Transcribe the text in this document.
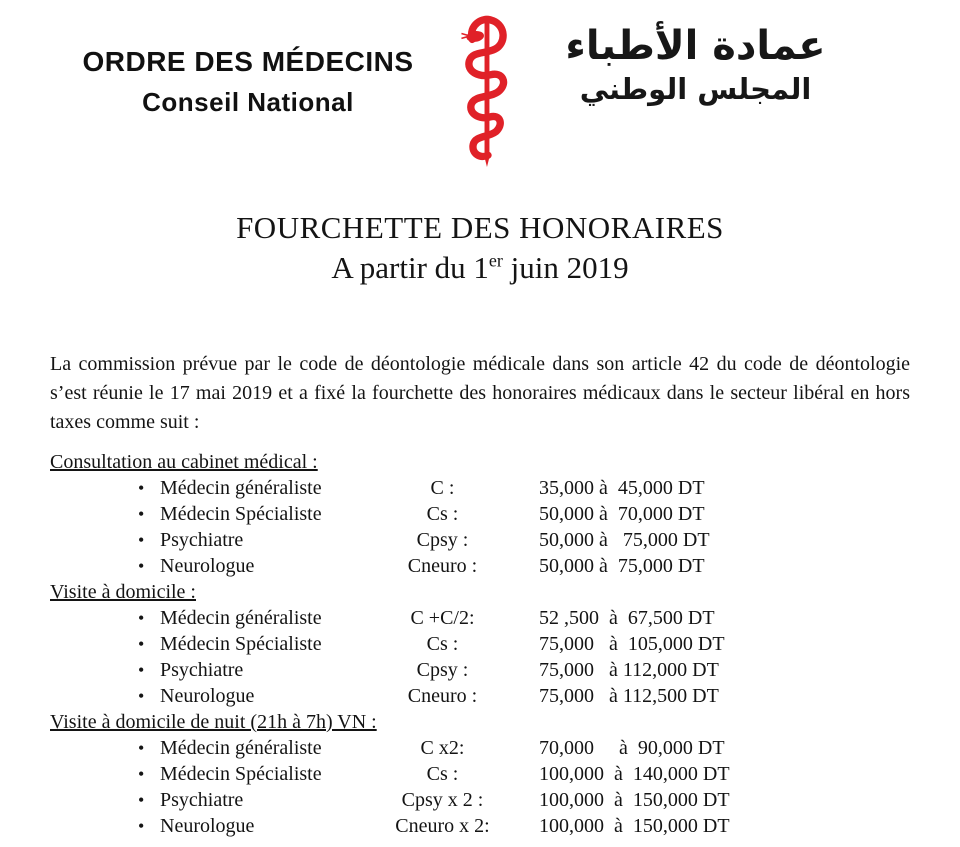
ORDRE DES MÉDECINS
Conseil National
عمادة الأطباء
المجلس الوطني
FOURCHETTE DES HONORAIRES
A partir du 1er juin 2019

La commission prévue par le code de déontologie médicale dans son article 42 du code de déontologie s’est réunie le 17 mai 2019 et a fixé la fourchette des honoraires médicaux dans le secteur libéral en hors taxes comme suit :

Consultation au cabinet médical :
•
Médecin généraliste	C :	35,000 à  45,000 DT
•
Médecin Spécialiste	Cs :	50,000 à  70,000 DT
•
Psychiatre	Cpsy :	50,000 à   75,000 DT
•
Neurologue	Cneuro :	50,000 à  75,000 DT
Visite à domicile :
•
Médecin généraliste	C +C/2:	52 ,500  à  67,500 DT
•
Médecin Spécialiste	Cs :	75,000   à  105,000 DT
•
Psychiatre	Cpsy :	75,000   à 112,000 DT
•
Neurologue	Cneuro :	75,000   à 112,500 DT
Visite à domicile de nuit (21h à 7h) VN :
•
Médecin généraliste	C x2:	70,000     à  90,000 DT
•
Médecin Spécialiste	Cs :	100,000  à  140,000 DT
•
Psychiatre	Cpsy x 2 :	100,000  à  150,000 DT
•
Neurologue	Cneuro x 2:	100,000  à  150,000 DT
